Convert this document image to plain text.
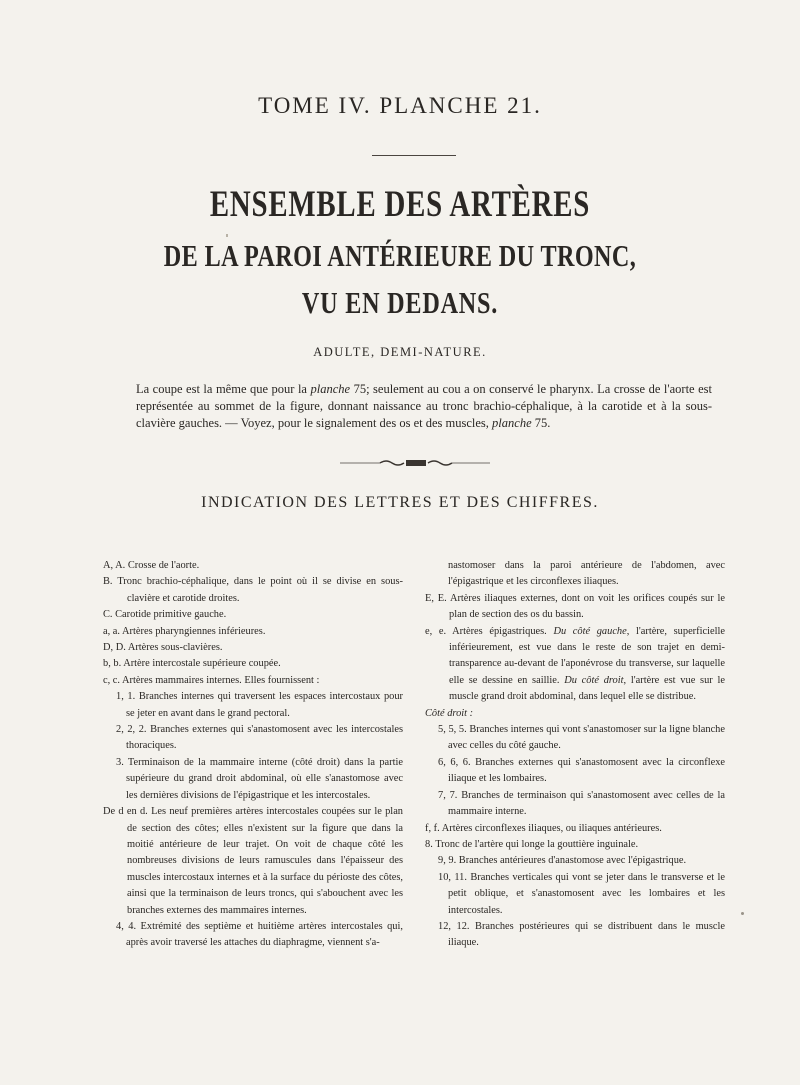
TOME IV. PLANCHE 21.
ENSEMBLE DES ARTÈRES
DE LA PAROI ANTÉRIEURE DU TRONC,
VU EN DEDANS.
ADULTE, DEMI-NATURE.
La coupe est la même que pour la planche 75; seulement au cou a on conservé le pharynx. La crosse de l'aorte est représentée au sommet de la figure, donnant naissance au tronc brachio-céphalique, à la carotide et à la sous-clavière gauches. — Voyez, pour le signalement des os et des muscles, planche 75.
INDICATION DES LETTRES ET DES CHIFFRES.

A, A. Crosse de l'aorte.

B. Tronc brachio-céphalique, dans le point où il se divise en sous-clavière et carotide droites.

C. Carotide primitive gauche.

a, a. Artères pharyngiennes inférieures.

D, D. Artères sous-clavières.

b, b. Artère intercostale supérieure coupée.

c, c. Artères mammaires internes. Elles fournissent :

1, 1. Branches internes qui traversent les espaces intercostaux pour se jeter en avant dans le grand pectoral.

2, 2, 2. Branches externes qui s'anastomosent avec les intercostales thoraciques.

3. Terminaison de la mammaire interne (côté droit) dans la partie supérieure du grand droit abdominal, où elle s'anastomose avec les dernières divisions de l'épigastrique et les intercostales.

De d en d. Les neuf premières artères intercostales coupées sur le plan de section des côtes; elles n'existent sur la figure que dans la moitié antérieure de leur trajet. On voit de chaque côté les nombreuses divisions de leurs ramuscules dans l'épaisseur des muscles intercostaux internes et à la surface du périoste des côtes, ainsi que la terminaison de leurs troncs, qui s'abouchent avec les branches externes des mammaires internes.

4, 4. Extrémité des septième et huitième artères intercostales qui, après avoir traversé les attaches du diaphragme, viennent s'a-

nastomoser dans la paroi antérieure de l'abdomen, avec l'épigastrique et les circonflexes iliaques.

E, E. Artères iliaques externes, dont on voit les orifices coupés sur le plan de section des os du bassin.

e, e. Artères épigastriques. Du côté gauche, l'artère, superficielle inférieurement, est vue dans le reste de son trajet en demi-transparence au-devant de l'aponévrose du transverse, sur laquelle elle se dessine en saillie. Du côté droit, l'artère est vue sur le muscle grand droit abdominal, dans lequel elle se distribue.

Côté droit :

5, 5, 5. Branches internes qui vont s'anastomoser sur la ligne blanche avec celles du côté gauche.

6, 6, 6. Branches externes qui s'anastomosent avec la circonflexe iliaque et les lombaires.

7, 7. Branches de terminaison qui s'anastomosent avec celles de la mammaire interne.

f, f. Artères circonflexes iliaques, ou iliaques antérieures.

8. Tronc de l'artère qui longe la gouttière inguinale.

9, 9. Branches antérieures d'anastomose avec l'épigastrique.

10, 11. Branches verticales qui vont se jeter dans le transverse et le petit oblique, et s'anastomosent avec les lombaires et les intercostales.

12, 12. Branches postérieures qui se distribuent dans le muscle iliaque.
